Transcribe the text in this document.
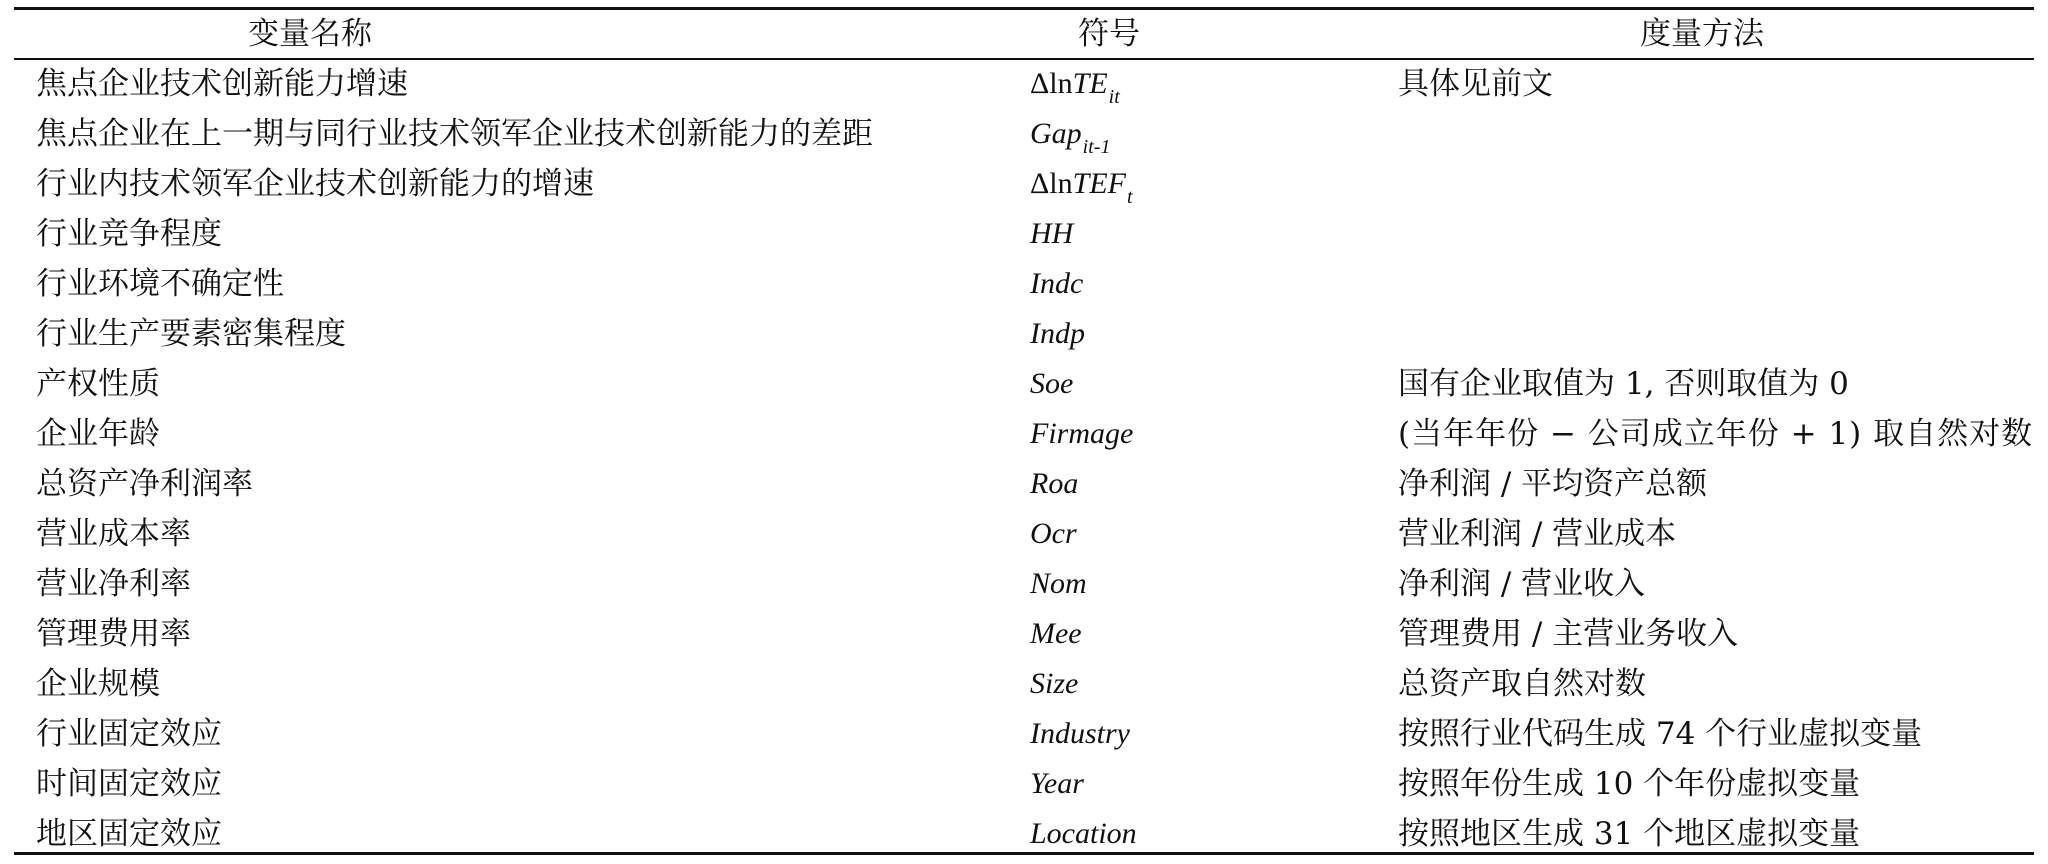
变量名称	符号	度量方法
焦点企业技术创新能力增速	ΔlnTE$_{it}$	具体见前文
焦点企业在上一期与同行业技术领军企业技术创新能力的差距	Gap$_{it-1}$
行业内技术领军企业技术创新能力的增速	ΔlnTEF$_t$
行业竞争程度	HH
行业环境不确定性	Indc
行业生产要素密集程度	Indp
产权性质	Soe	国有企业取值为 1, 否则取值为 0
企业年龄	Firmage	(当年年份 − 公司成立年份 + 1) 取自然对数
总资产净利润率	Roa	净利润 / 平均资产总额
营业成本率	Ocr	营业利润 / 营业成本
营业净利率	Nom	净利润 / 营业收入
管理费用率	Mee	管理费用 / 主营业务收入
企业规模	Size	总资产取自然对数
行业固定效应	Industry	按照行业代码生成 74 个行业虚拟变量
时间固定效应	Year	按照年份生成 10 个年份虚拟变量
地区固定效应	Location	按照地区生成 31 个地区虚拟变量
